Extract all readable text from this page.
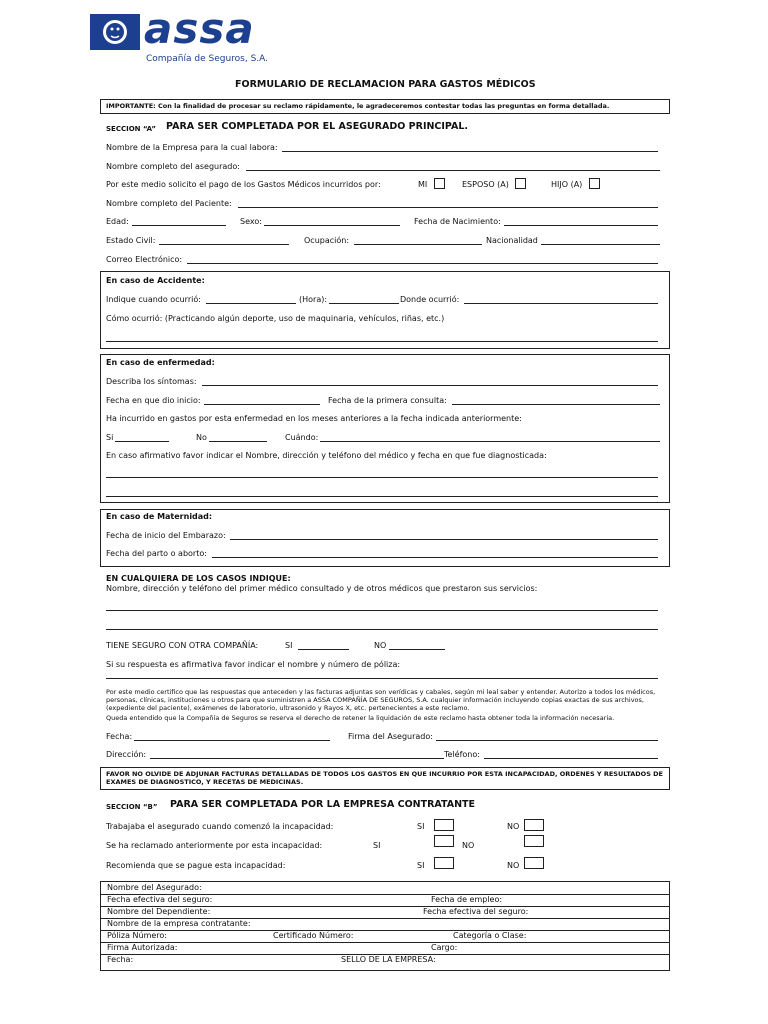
assa
Compañía de Seguros, S.A.
FORMULARIO DE RECLAMACION PARA GASTOS MÉDICOS
IMPORTANTE: Con la finalidad de procesar su reclamo rápidamente, le agradeceremos contestar todas las preguntas en forma detallada.
SECCION “A” PARA SER COMPLETADA POR EL ASEGURADO PRINCIPAL.
Nombre de la Empresa para la cual labora:
Nombre completo del asegurado:
Por este medio solicito el pago de los Gastos Médicos incurridos por:	MI	ESPOSO (A)	HIJO (A)
Nombre completo del Paciente:
Edad:	Sexo:	Fecha de Nacimiento:
Estado Civil:	Ocupación:	Nacionalidad
Correo Electrónico:
En caso de Accidente:
Indique cuando ocurrió:	(Hora):	Donde ocurrió:
Cómo ocurrió: (Practicando algún deporte, uso de maquinaria, vehículos, riñas, etc.)
En caso de enfermedad:
Describa los síntomas:
Fecha en que dio inicio:	Fecha de la primera consulta:
Ha incurrido en gastos por esta enfermedad en los meses anteriores a la fecha indicada anteriormente:
Si	No	Cuándo:
En caso afirmativo favor indicar el Nombre, dirección y teléfono del médico y fecha en que fue diagnosticada:
En caso de Maternidad:
Fecha de inicio del Embarazo:
Fecha del parto o aborto:
EN CUALQUIERA DE LOS CASOS INDIQUE:
Nombre, dirección y teléfono del primer médico consultado y de otros médicos que prestaron sus servicios:
TIENE SEGURO CON OTRA COMPAÑÍA:	SI	NO
Si su respuesta es afirmativa favor indicar el nombre y número de póliza:
Por este medio certifico que las respuestas que anteceden y las facturas adjuntas son verídicas y cabales, según mi leal saber y entender. Autorizo a todos los médicos, personas, clínicas, instituciones u otros para que suministren a ASSA COMPAÑÍA DE SEGUROS, S.A. cualquier información incluyendo copias exactas de sus archivos, (expediente del paciente), exámenes de laboratorio, ultrasonido y Rayos X, etc. pertenecientes a este reclamo.
Queda entendido que la Compañía de Seguros se reserva el derecho de retener la liquidación de este reclamo hasta obtener toda la información necesaria.
Fecha:	Firma del Asegurado:
Dirección:	Teléfono:
FAVOR NO OLVIDE DE ADJUNAR FACTURAS DETALLADAS DE TODOS LOS GASTOS EN QUE INCURRIO POR ESTA INCAPACIDAD, ORDENES Y RESULTADOS DE EXAMES DE DIAGNOSTICO, Y RECETAS DE MEDICINAS.
SECCION “B” PARA SER COMPLETADA POR LA EMPRESA CONTRATANTE
Trabajaba el asegurado cuando comenzó la incapacidad:	SI	NO
Se ha reclamado anteriormente por esta incapacidad:	SI	NO
Recomienda que se pague esta incapacidad:	SI	NO
Nombre del Asegurado:
Fecha efectiva del seguro:	Fecha de empleo:
Nombre del Dependiente:	Fecha efectiva del seguro:
Nombre de la empresa contratante:
Póliza Número:	Certificado Número:	Categoría o Clase:
Firma Autorizada:	Cargo:
Fecha:	SELLO DE LA EMPRESA:
